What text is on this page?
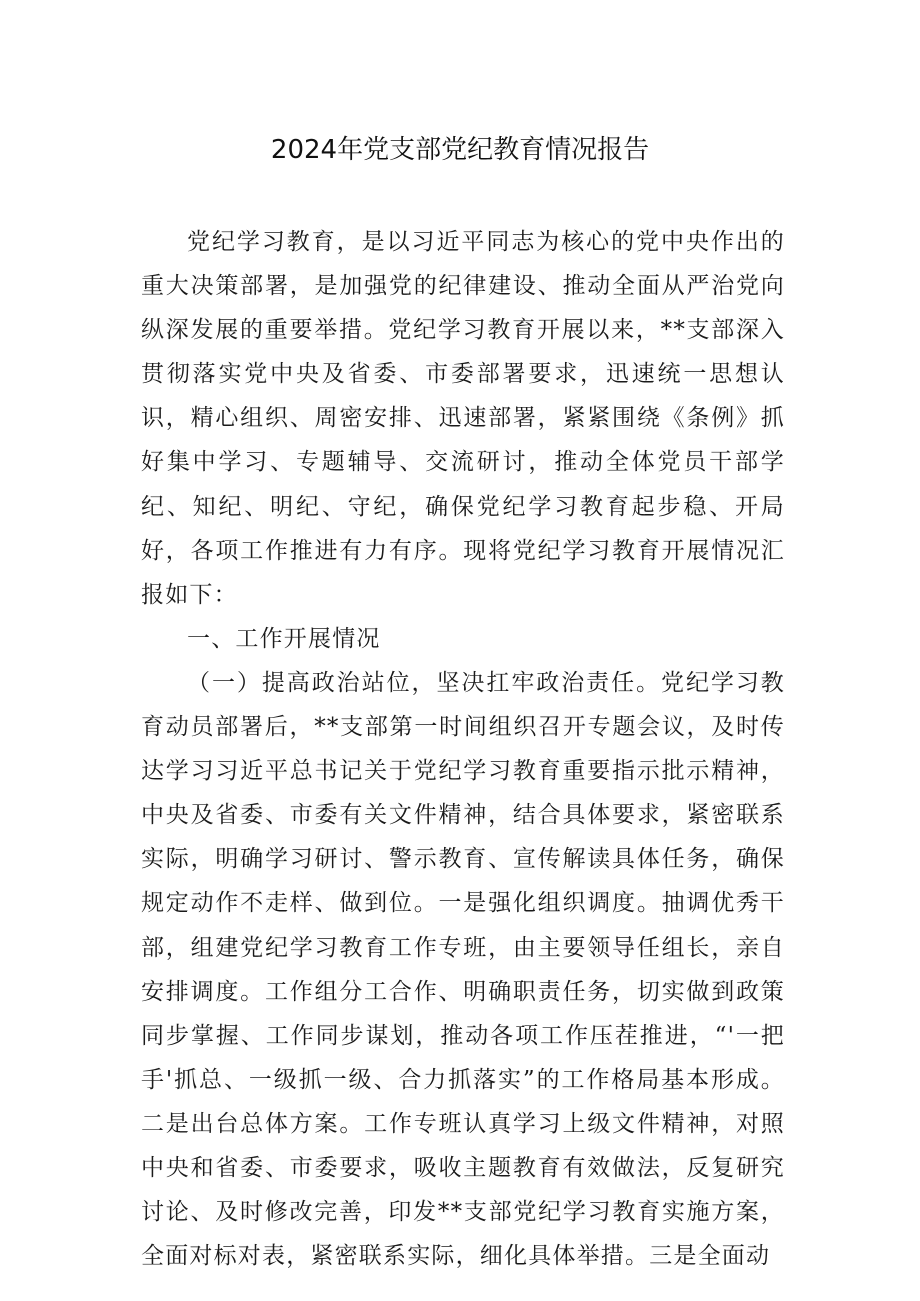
2024年党支部党纪教育情况报告

党纪学习教育，是以习近平同志为核心的党中央作出的重大决策部署，是加强党的纪律建设、推动全面从严治党向纵深发展的重要举措。党纪学习教育开展以来，**支部深入贯彻落实党中央及省委、市委部署要求，迅速统一思想认识，精心组织、周密安排、迅速部署，紧紧围绕《条例》抓好集中学习、专题辅导、交流研讨，推动全体党员干部学纪、知纪、明纪、守纪，确保党纪学习教育起步稳、开局好，各项工作推进有力有序。现将党纪学习教育开展情况汇报如下：

一、工作开展情况

（一）提高政治站位，坚决扛牢政治责任。党纪学习教育动员部署后，**支部第一时间组织召开专题会议，及时传达学习习近平总书记关于党纪学习教育重要指示批示精神，中央及省委、市委有关文件精神，结合具体要求，紧密联系实际，明确学习研讨、警示教育、宣传解读具体任务，确保规定动作不走样、做到位。一是强化组织调度。抽调优秀干部，组建党纪学习教育工作专班，由主要领导任组长，亲自安排调度。工作组分工合作、明确职责任务，切实做到政策同步掌握、工作同步谋划，推动各项工作压茬推进，“'一把手'抓总、一级抓一级、合力抓落实”的工作格局基本形成。二是出台总体方案。工作专班认真学习上级文件精神，对照中央和省委、市委要求，吸收主题教育有效做法，反复研究讨论、及时修改完善，印发**支部党纪学习教育实施方案，全面对标对表，紧密联系实际，细化具体举措。三是全面动
